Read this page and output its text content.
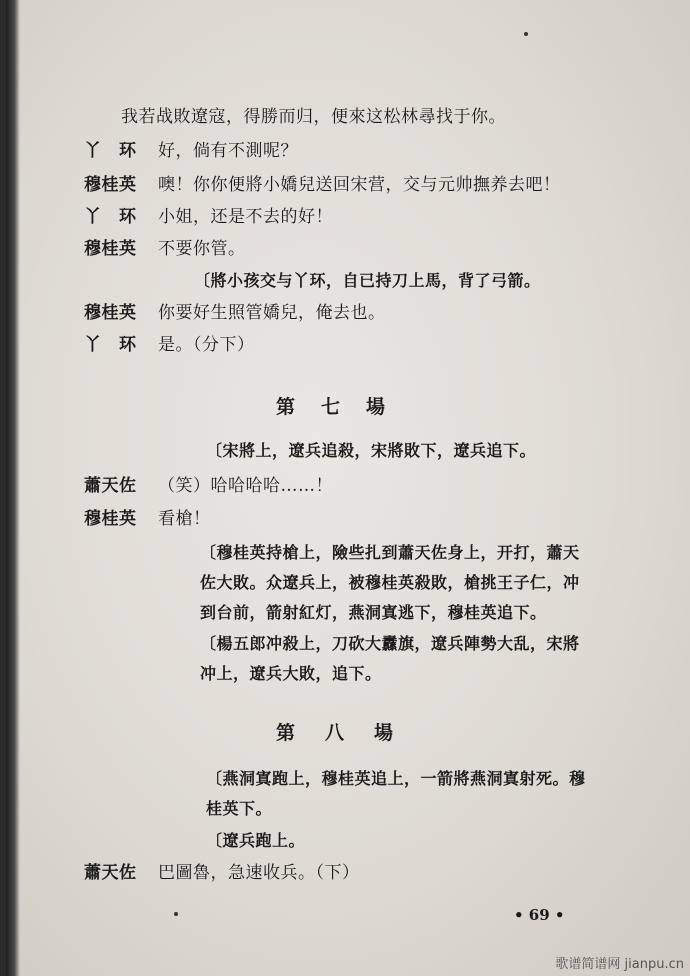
我若战敗遼寇，得勝而归，便來这松林尋找于你。
丫　环 好，倘有不測呢？
穆桂英 噢！你你便將小嬌兒送回宋营，交与元帅撫养去吧！
丫　环 小姐，还是不去的好！
穆桂英 不要你管。
〔將小孩交与丫环，自已持刀上馬，背了弓箭。
穆桂英 你要好生照管嬌兒，俺去也。
丫　环 是。（分下）
第七場
〔宋將上，遼兵追殺，宋將敗下，遼兵追下。
蕭天佐 （笑）哈哈哈哈……！
穆桂英 看槍！
〔穆桂英持槍上，險些扎到蕭天佐身上，开打，蕭天
佐大敗。众遼兵上，被穆桂英殺敗，槍挑王子仁，冲
到台前，箭射紅灯，燕洞寘逃下，穆桂英追下。
〔楊五郎冲殺上，刀砍大纛旗，遼兵陣勢大乱，宋將
冲上，遼兵大敗，追下。
第八場
〔燕洞寘跑上，穆桂英追上，一箭將燕洞寘射死。穆
桂英下。
〔遼兵跑上。
蕭天佐 巴圖魯，急速收兵。（下）
• 69 •
歌谱简谱网 jianpu.cn
